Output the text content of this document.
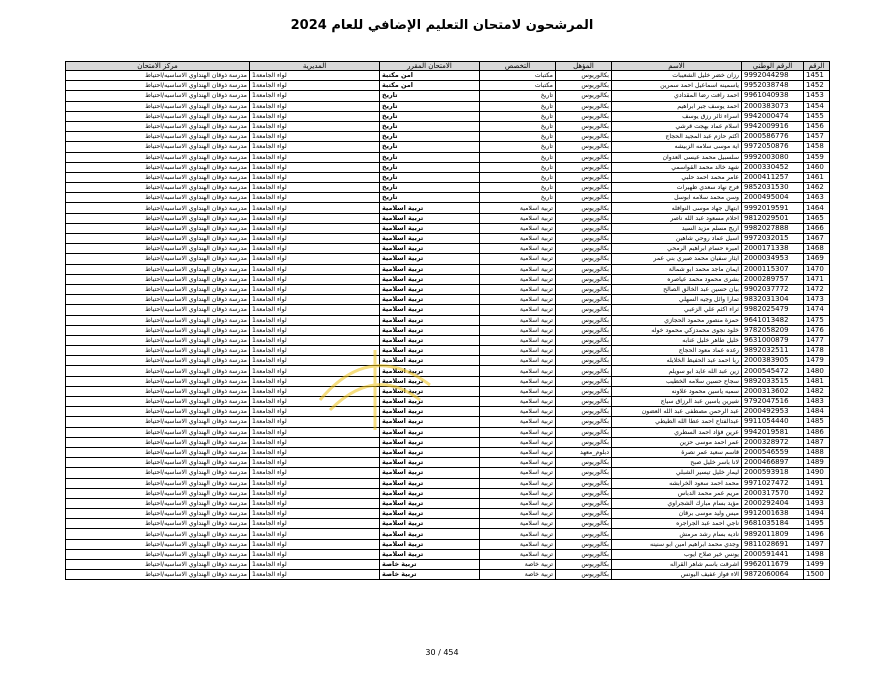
المرشحون لامتحان التعليم الإضافي للعام 2024
الرقم	الرقم الوطني	الاسم	المؤهل	التخصص	الامتحان المقرر	المديرية	مركز الامتحان
1451	9992044298	رزان خضر خليل الشعيبات	بكالوريوس	مكتبات	امن مكتبة	لواء الجامعة1	مدرسة ذوقان الهنداوي الاساسيه/احتياط
1452	9952038748	ياسمينه اسماعيل احمد سمرين	بكالوريوس	مكتبات	امن مكتبة	لواء الجامعة1	مدرسة ذوقان الهنداوي الاساسيه/احتياط
1453	9961040938	احمد رافت رضا المقدادي	بكالوريوس	تاريخ	تاريخ	لواء الجامعة1	مدرسة ذوقان الهنداوي الاساسيه/احتياط
1454	2000383073	احمد يوسف جبر ابراهيم	بكالوريوس	تاريخ	تاريخ	لواء الجامعة1	مدرسة ذوقان الهنداوي الاساسيه/احتياط
1455	9942000474	اسراء ثائر رزق يوسف	بكالوريوس	تاريخ	تاريخ	لواء الجامعة1	مدرسة ذوقان الهنداوي الاساسيه/احتياط
1456	9942009916	اسلام عماد بهجت قرشي	بكالوريوس	تاريخ	تاريخ	لواء الجامعة1	مدرسة ذوقان الهنداوي الاساسيه/احتياط
1457	2000586776	اكثم حازم عبد المجيد الحجاج	بكالوريوس	تاريخ	تاريخ	لواء الجامعة1	مدرسة ذوقان الهنداوي الاساسيه/احتياط
1458	9972050876	اية موسى سلامه الزبيشه	بكالوريوس	تاريخ	تاريخ	لواء الجامعة1	مدرسة ذوقان الهنداوي الاساسيه/احتياط
1459	9992003080	سلسبيل محمد عيسى العدوان	بكالوريوس	تاريخ	تاريخ	لواء الجامعة1	مدرسة ذوقان الهنداوي الاساسيه/احتياط
1460	2000330452	شهد خالد محمد القواسمي	بكالوريوس	تاريخ	تاريخ	لواء الجامعة1	مدرسة ذوقان الهنداوي الاساسيه/احتياط
1461	2000411257	عامر محمد احمد حلبي	بكالوريوس	تاريخ	تاريخ	لواء الجامعة1	مدرسة ذوقان الهنداوي الاساسيه/احتياط
1462	9852031530	فرح نهاد سعدي ظهيرات	بكالوريوس	تاريخ	تاريخ	لواء الجامعة1	مدرسة ذوقان الهنداوي الاساسيه/احتياط
1463	2000495004	وسن محمد سلامه ابوسل	بكالوريوس	تاريخ	تاريخ	لواء الجامعة1	مدرسة ذوقان الهنداوي الاساسيه/احتياط
1464	9992019591	ابتهال جهاد موسى النوافله	بكالوريوس	تربية اسلامية	تربية اسلامية	لواء الجامعة1	مدرسة ذوقان الهنداوي الاساسيه/احتياط
1465	9812029501	احلام مسعود عبد الله ناصر	بكالوريوس	تربية اسلامية	تربية اسلامية	لواء الجامعة1	مدرسة ذوقان الهنداوي الاساسيه/احتياط
1466	9982027888	اريج مسلم مزيد السيد	بكالوريوس	تربية اسلامية	تربية اسلامية	لواء الجامعة1	مدرسة ذوقان الهنداوي الاساسيه/احتياط
1467	9972032015	اسيل عماد روحي شاهين	بكالوريوس	تربية اسلامية	تربية اسلامية	لواء الجامعة1	مدرسة ذوقان الهنداوي الاساسيه/احتياط
1468	2000171338	اميره حسام ابراهيم الرمحي	بكالوريوس	تربية اسلامية	تربية اسلامية	لواء الجامعة1	مدرسة ذوقان الهنداوي الاساسيه/احتياط
1469	2000034953	ايثار سفيان محمد صبري بني عمر	بكالوريوس	تربية اسلامية	تربية اسلامية	لواء الجامعة1	مدرسة ذوقان الهنداوي الاساسيه/احتياط
1470	2000115307	ايمان ماجد محمد ابو شمالة	بكالوريوس	تربية اسلامية	تربية اسلامية	لواء الجامعة1	مدرسة ذوقان الهنداوي الاساسيه/احتياط
1471	2000289757	بشرى محمود محمد عياصره	بكالوريوس	تربية اسلامية	تربية اسلامية	لواء الجامعة1	مدرسة ذوقان الهنداوي الاساسيه/احتياط
1472	9902037772	بيان حسين عبد الخالق الصالح	بكالوريوس	تربية اسلامية	تربية اسلامية	لواء الجامعة1	مدرسة ذوقان الهنداوي الاساسيه/احتياط
1473	9832031304	تمارا وائل وجيه السهلي	بكالوريوس	تربية اسلامية	تربية اسلامية	لواء الجامعة1	مدرسة ذوقان الهنداوي الاساسيه/احتياط
1474	9982025479	ثراء اكثم علي الزعبي	بكالوريوس	تربية اسلامية	تربية اسلامية	لواء الجامعة1	مدرسة ذوقان الهنداوي الاساسيه/احتياط
1475	9641013482	حمزة منصور محمود الحجازي	بكالوريوس	تربية اسلامية	تربية اسلامية	لواء الجامعة1	مدرسة ذوقان الهنداوي الاساسيه/احتياط
1476	9782058209	خلود نجوى محمدزكي محمود خوله	بكالوريوس	تربية اسلامية	تربية اسلامية	لواء الجامعة1	مدرسة ذوقان الهنداوي الاساسيه/احتياط
1477	9631000879	خليل طاهر خليل عنابه	بكالوريوس	تربية اسلامية	تربية اسلامية	لواء الجامعة1	مدرسة ذوقان الهنداوي الاساسيه/احتياط
1478	9892032511	رغده عماد معود الحجاج	بكالوريوس	تربية اسلامية	تربية اسلامية	لواء الجامعة1	مدرسة ذوقان الهنداوي الاساسيه/احتياط
1479	2000383905	ربا احمد عبد الحفيظ الخلايله	بكالوريوس	تربية اسلامية	تربية اسلامية	لواء الجامعة1	مدرسة ذوقان الهنداوي الاساسيه/احتياط
1480	2000545472	زين عبد الله عايد ابو سويلم	بكالوريوس	تربية اسلامية	تربية اسلامية	لواء الجامعة1	مدرسة ذوقان الهنداوي الاساسيه/احتياط
1481	9892033515	سجاح حسين سلامه الخطيب	بكالوريوس	تربية اسلامية	تربية اسلامية	لواء الجامعة1	مدرسة ذوقان الهنداوي الاساسيه/احتياط
1482	2000313602	سميه ياسين محمود علاونه	بكالوريوس	تربية اسلامية	تربية اسلامية	لواء الجامعة1	مدرسة ذوقان الهنداوي الاساسيه/احتياط
1483	9792047516	شيرين ياسين عبد الرزاق سياج	بكالوريوس	تربية اسلامية	تربية اسلامية	لواء الجامعة1	مدرسة ذوقان الهنداوي الاساسيه/احتياط
1484	2000492953	عبد الرحمن مصطفى عبد الله العضون	بكالوريوس	تربية اسلامية	تربية اسلامية	لواء الجامعة1	مدرسة ذوقان الهنداوي الاساسيه/احتياط
1485	9911054440	عبدالفتاح احمد عطا الله الطيطي	بكالوريوس	تربية اسلامية	تربية اسلامية	لواء الجامعة1	مدرسة ذوقان الهنداوي الاساسيه/احتياط
1486	9942019581	عرين فؤاد احمد السطري	بكالوريوس	تربية اسلامية	تربية اسلامية	لواء الجامعة1	مدرسة ذوقان الهنداوي الاساسيه/احتياط
1487	2000328972	عمر احمد موسى حزين	بكالوريوس	تربية اسلامية	تربية اسلامية	لواء الجامعة1	مدرسة ذوقان الهنداوي الاساسيه/احتياط
1488	2000546559	قاسم سعيد عمر نصرة	دبلوم_معهد	تربية اسلامية	تربية اسلامية	لواء الجامعة1	مدرسة ذوقان الهنداوي الاساسيه/احتياط
1489	2000466897	لانا باسر خليل صبح	بكالوريوس	تربية اسلامية	تربية اسلامية	لواء الجامعة1	مدرسة ذوقان الهنداوي الاساسيه/احتياط
1490	2000593918	ليمار خليل تيسير الشبلي	بكالوريوس	تربية اسلامية	تربية اسلامية	لواء الجامعة1	مدرسة ذوقان الهنداوي الاساسيه/احتياط
1491	9971027472	محمد احمد سعود الخرابشه	بكالوريوس	تربية اسلامية	تربية اسلامية	لواء الجامعة1	مدرسة ذوقان الهنداوي الاساسيه/احتياط
1492	2000317570	مريم عمر محمد الدباس	بكالوريوس	تربية اسلامية	تربية اسلامية	لواء الجامعة1	مدرسة ذوقان الهنداوي الاساسيه/احتياط
1493	2000292404	مؤيد بسام مبارك الشجراوي	بكالوريوس	تربية اسلامية	تربية اسلامية	لواء الجامعة1	مدرسة ذوقان الهنداوي الاساسيه/احتياط
1494	9912001638	ميس وليد موسى برقان	بكالوريوس	تربية اسلامية	تربية اسلامية	لواء الجامعة1	مدرسة ذوقان الهنداوي الاساسيه/احتياط
1495	9681035184	ناجي احمد عبد الجراجره	بكالوريوس	تربية اسلامية	تربية اسلامية	لواء الجامعة1	مدرسة ذوقان الهنداوي الاساسيه/احتياط
1496	9892011809	ناديه بسام رشد مرمش	بكالوريوس	تربية اسلامية	تربية اسلامية	لواء الجامعة1	مدرسة ذوقان الهنداوي الاساسيه/احتياط
1497	9811028691	وجدي محمد ابراهيم امين ابو سنينه	بكالوريوس	تربية اسلامية	تربية اسلامية	لواء الجامعة1	مدرسة ذوقان الهنداوي الاساسيه/احتياط
1498	2000591441	يونس خير صلاح ايوب	بكالوريوس	تربية اسلامية	تربية اسلامية	لواء الجامعة1	مدرسة ذوقان الهنداوي الاساسيه/احتياط
1499	9962011679	اشرقت باسم شاهر القراله	بكالوريوس	تربية خاصة	تربية خاصة	لواء الجامعة1	مدرسة ذوقان الهنداوي الاساسيه/احتياط
1500	9872060064	الاء فواز عفيف اليونس	بكالوريوس	تربية خاصة	تربية خاصة	لواء الجامعة1	مدرسة ذوقان الهنداوي الاساسيه/احتياط
30 / 454
